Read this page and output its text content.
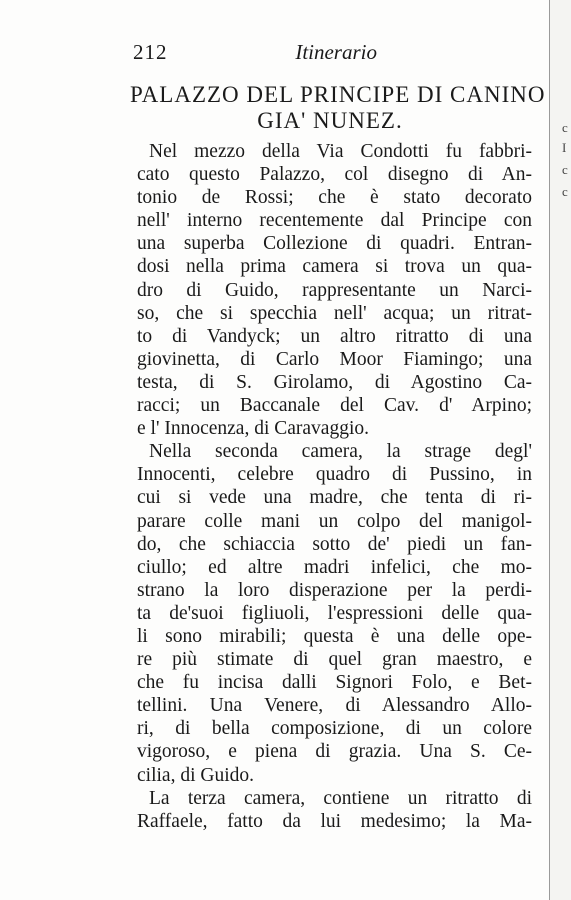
212	Itinerario
PALAZZO DEL PRINCIPE DI CANINO
GIA' NUNEZ.
Nel mezzo della Via Condotti fu fabbri-
cato questo Palazzo, col disegno di An-
tonio de Rossi; che è stato decorato
nell' interno recentemente dal Principe con
una superba Collezione di quadri. Entran-
dosi nella prima camera si trova un qua-
dro di Guido, rappresentante un Narci-
so, che si specchia nell' acqua; un ritrat-
to di Vandyck; un altro ritratto di una
giovinetta, di Carlo Moor Fiamingo; una
testa, di S. Girolamo, di Agostino Ca-
racci; un Baccanale del Cav. d' Arpino;
e l' Innocenza, di Caravaggio.
Nella seconda camera, la strage degl'
Innocenti, celebre quadro di Pussino, in
cui si vede una madre, che tenta di ri-
parare colle mani un colpo del manigol-
do, che schiaccia sotto de' piedi un fan-
ciullo; ed altre madri infelici, che mo-
strano la loro disperazione per la perdi-
ta de'suoi figliuoli, l'espressioni delle qua-
li sono mirabili; questa è una delle ope-
re più stimate di quel gran maestro, e
che fu incisa dalli Signori Folo, e Bet-
tellini. Una Venere, di Alessandro Allo-
ri, di bella composizione, di un colore
vigoroso, e piena di grazia. Una S. Ce-
cilia, di Guido.
La terza camera, contiene un ritratto di
Raffaele, fatto da lui medesimo; la Ma-
c
I
c
c
